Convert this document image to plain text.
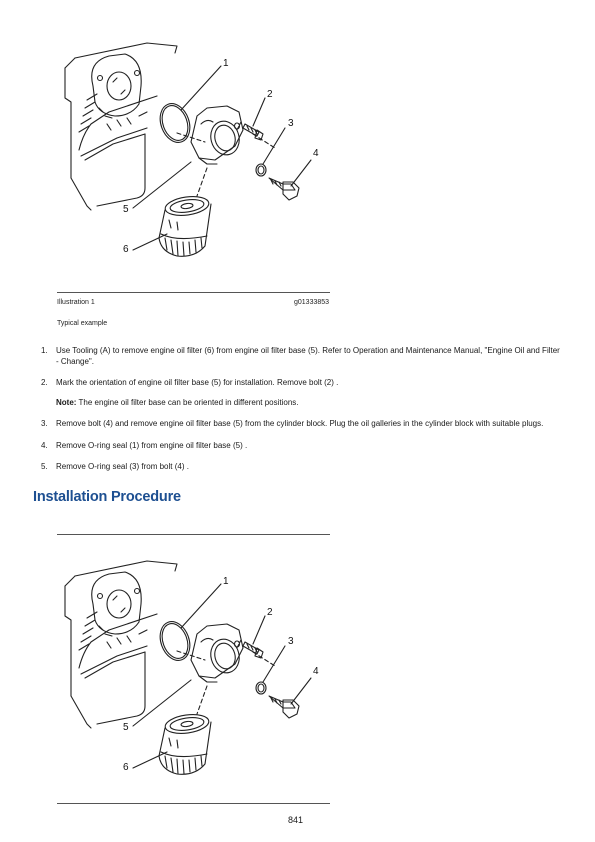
1
2
3
4
5
6
Illustration 1	g01333853
Typical example
1. Use Tooling (A) to remove engine oil filter (6) from engine oil filter base (5). Refer to Operation and Maintenance Manual, "Engine Oil and Filter - Change".
2. Mark the orientation of engine oil filter base (5) for installation. Remove bolt (2) .
Note: The engine oil filter base can be oriented in different positions.
3. Remove bolt (4) and remove engine oil filter base (5) from the cylinder block. Plug the oil galleries in the cylinder block with suitable plugs.
4. Remove O-ring seal (1) from engine oil filter base (5) .
5. Remove O-ring seal (3) from bolt (4) .
Installation Procedure
1
2
3
4
5
6
841
